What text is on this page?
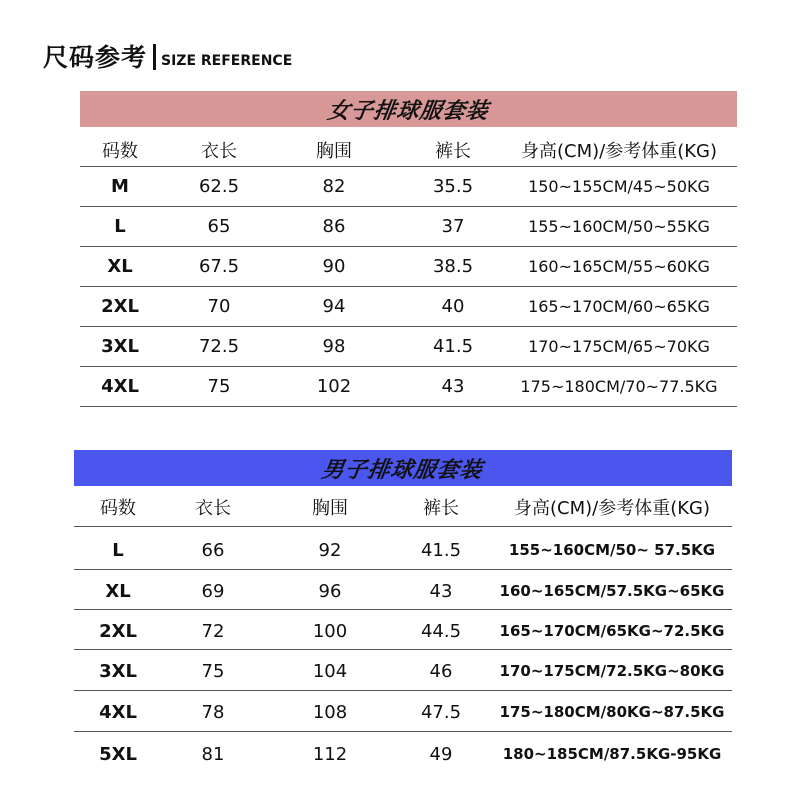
尺码参考 SIZE REFERENCE
女子排球服套装
码数	衣长	胸围	裤长	身高(CM)/参考体重(KG)
M	62.5	82	35.5	150~155CM/45~50KG
L	65	86	37	155~160CM/50~55KG
XL	67.5	90	38.5	160~165CM/55~60KG
2XL	70	94	40	165~170CM/60~65KG
3XL	72.5	98	41.5	170~175CM/65~70KG
4XL	75	102	43	175~180CM/70~77.5KG
男子排球服套装
码数	衣长	胸围	裤长	身高(CM)/参考体重(KG)
L	66	92	41.5	155~160CM/50~ 57.5KG
XL	69	96	43	160~165CM/57.5KG~65KG
2XL	72	100	44.5	165~170CM/65KG~72.5KG
3XL	75	104	46	170~175CM/72.5KG~80KG
4XL	78	108	47.5	175~180CM/80KG~87.5KG
5XL	81	112	49	180~185CM/87.5KG-95KG
